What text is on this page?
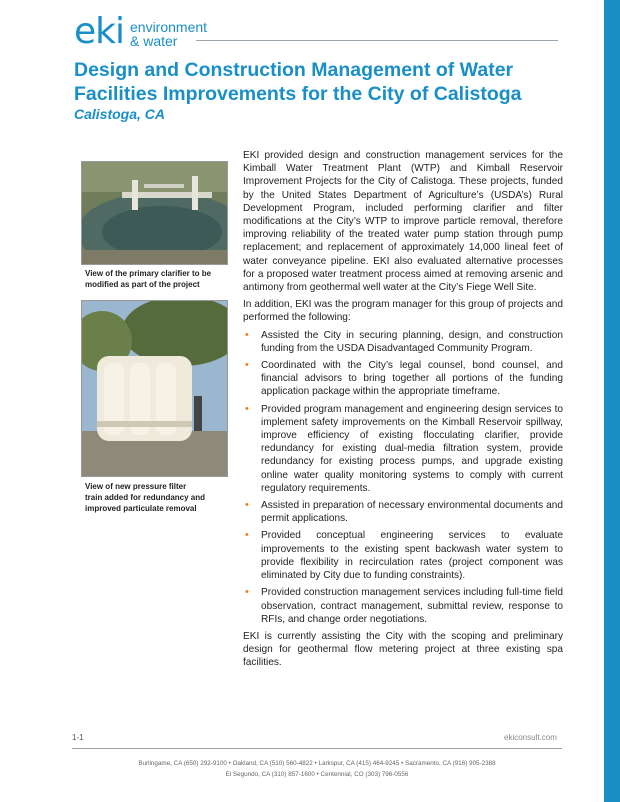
eki environment
& water
Design and Construction Management of Water Facilities Improvements for the City of Calistoga
Calistoga, CA
View of the primary clarifier to be modified as part of the project
View of new pressure filter train added for redundancy and improved particulate removal

EKI provided design and construction management services for the Kimball Water Treatment Plant (WTP) and Kimball Reservoir Improvement Projects for the City of Calistoga. These projects, funded by the United States Department of Agriculture’s (USDA’s) Rural Development Program, included performing clarifier and filter modifications at the City’s WTP to improve particle removal, therefore improving reliability of the treated water pump station through pump replacement; and replacement of approximately 14,000 lineal feet of water conveyance pipeline. EKI also evaluated alternative processes for a proposed water treatment process aimed at removing arsenic and antimony from geothermal well water at the City’s Fiege Well Site.

In addition, EKI was the program manager for this group of projects and performed the following:

• Assisted the City in securing planning, design, and construction funding from the USDA Disadvantaged Community Program.
• Coordinated with the City’s legal counsel, bond counsel, and financial advisors to bring together all portions of the funding application package within the appropriate timeframe.
• Provided program management and engineering design services to implement safety improvements on the Kimball Reservoir spillway, improve efficiency of existing flocculating clarifier, provide redundancy for existing dual-media filtration system, provide redundancy for existing process pumps, and upgrade existing online water quality monitoring systems to comply with current regulatory requirements.
• Assisted in preparation of necessary environmental documents and permit applications.
• Provided conceptual engineering services to evaluate improvements to the existing spent backwash water system to provide flexibility in recirculation rates (project component was eliminated by City due to funding constraints).
• Provided construction management services including full-time field observation, contract management, submittal review, response to RFIs, and change order negotiations.

EKI is currently assisting the City with the scoping and preliminary design for geothermal flow metering project at three existing spa facilities.

1-1	ekiconsult.com
Burlingame, CA (650) 292-9100 • Oakland, CA (510) 560-4822 • Larkspur, CA (415) 464-9245 • Sacramento, CA (916) 905-2388
El Segundo, CA (310) 857-1600 • Centennial, CO (303) 796-0556
